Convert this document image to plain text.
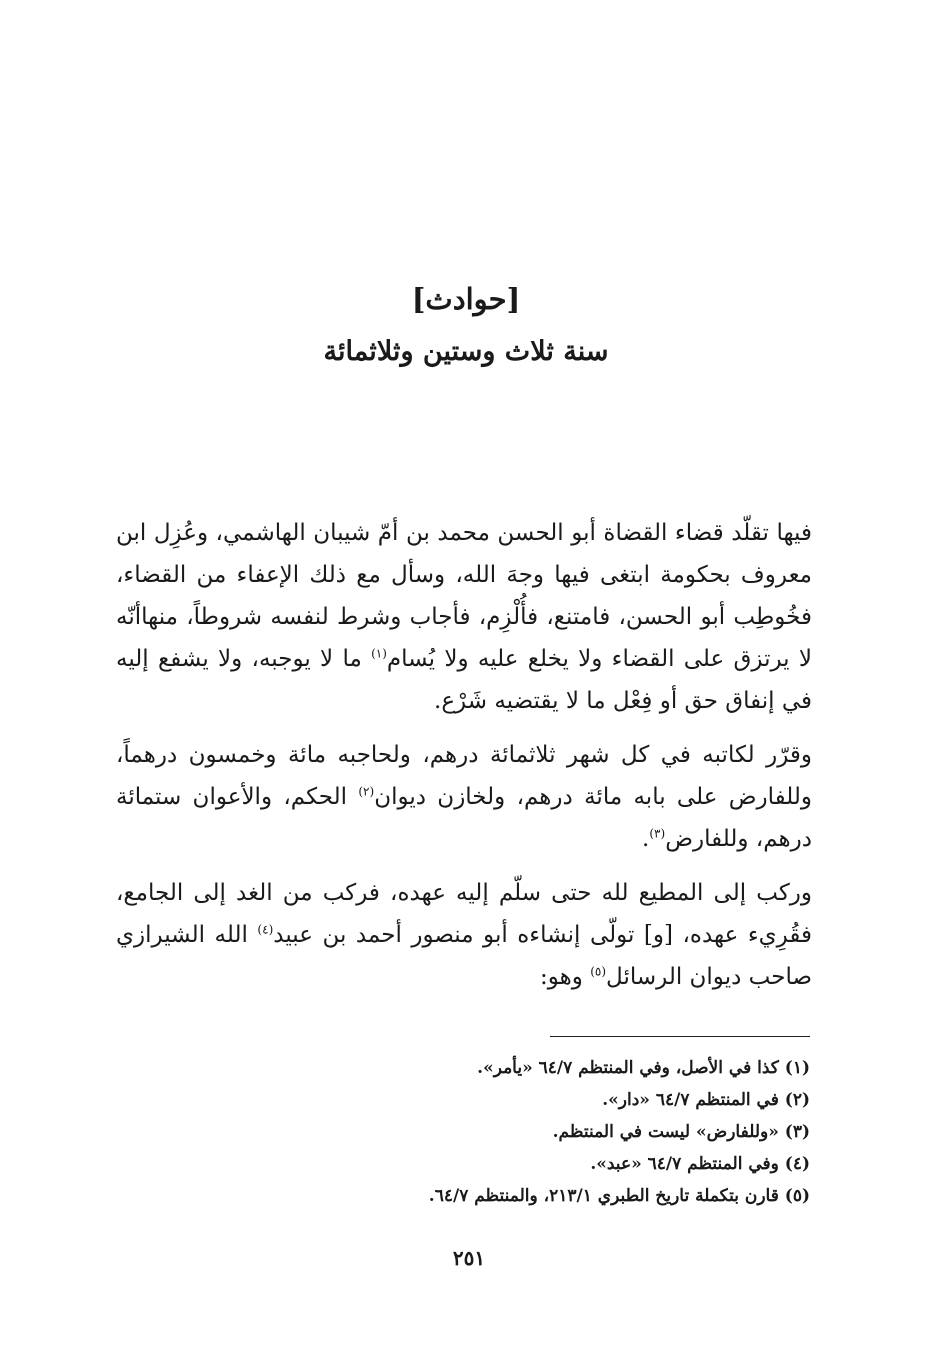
[حوادث]
سنة ثلاث وستين وثلاثمائة

فيها تقلّد قضاء القضاة أبو الحسن محمد بن أمّ شيبان الهاشمي، وعُزِل ابن معروف بحكومة ابتغى فيها وجهَ الله، وسأل مع ذلك الإعفاء من القضاء، فخُوطِب أبو الحسن، فامتنع، فأُلْزِم، فأجاب وشرط لنفسه شروطاً، منهاأنّه لا يرتزق على القضاء ولا يخلع عليه ولا يُسام$^{(١)}$ ما لا يوجبه، ولا يشفع إليه في إنفاق حق أو فِعْل ما لا يقتضيه شَرْع.

وقرّر لكاتبه في كل شهر ثلاثمائة درهم، ولحاجبه مائة وخمسون درهماً، وللفارض على بابه مائة درهم، ولخازن ديوان$^{(٢)}$ الحكم، والأعوان ستمائة درهم، وللفارض$^{(٣)}$.

وركب إلى المطيع لله حتى سلّم إليه عهده، فركب من الغد إلى الجامع، فقُرِيء عهده، [و] تولّى إنشاءه أبو منصور أحمد بن عبيد$^{(٤)}$ الله الشيرازي صاحب ديوان الرسائل$^{(٥)}$ وهو:

(١) كذا في الأصل، وفي المنتظم ٦٤/٧ «يأمر».
(٢) في المنتظم ٦٤/٧ «دار».
(٣) «وللفارض» ليست في المنتظم.
(٤) وفي المنتظم ٦٤/٧ «عبد».
(٥) قارن بتكملة تاريخ الطبري ٢١٣/١، والمنتظم ٦٤/٧.
٢٥١
